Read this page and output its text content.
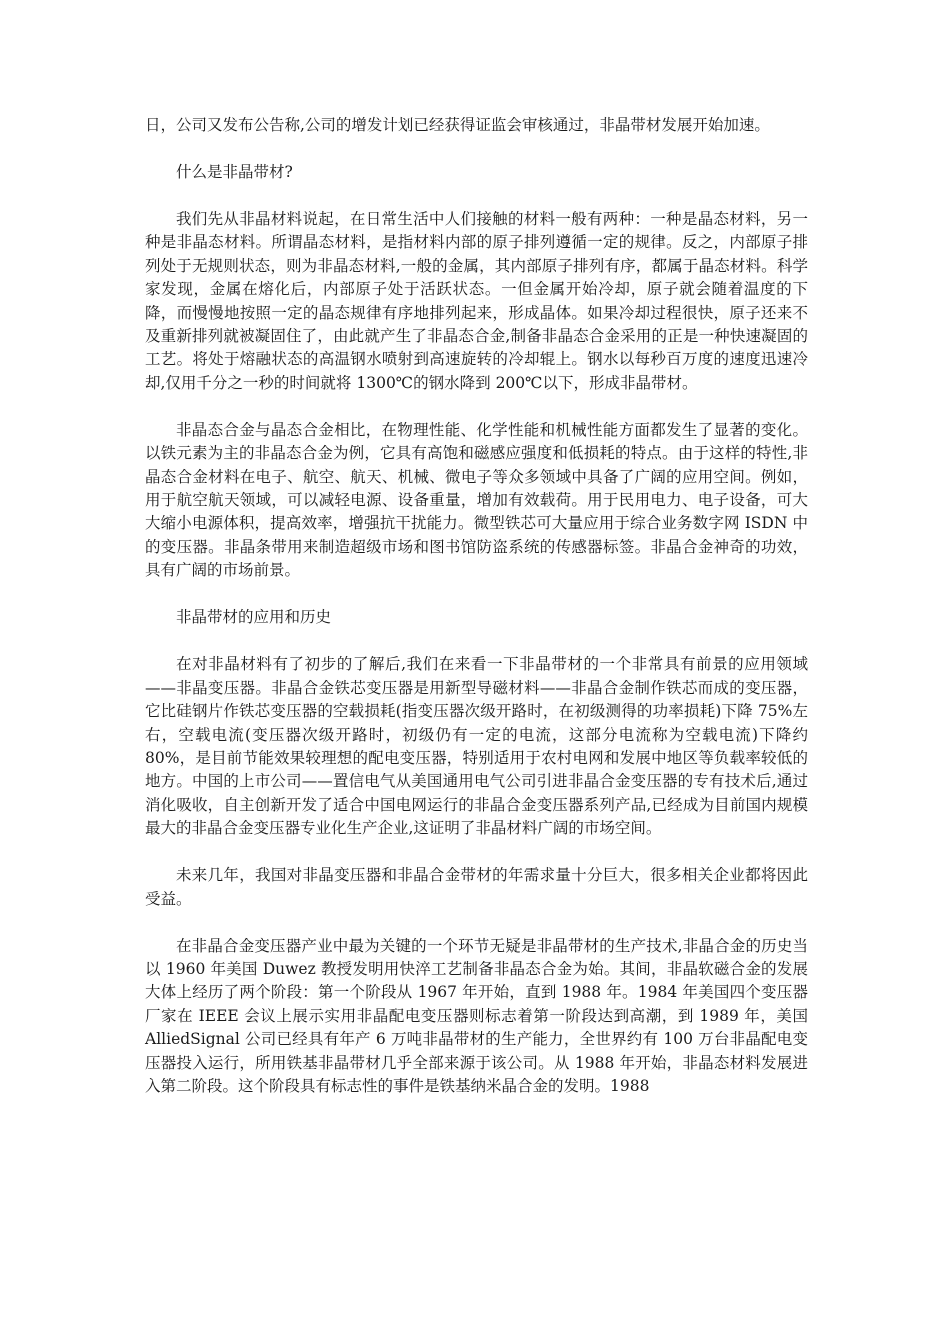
日，公司又发布公告称,公司的增发计划已经获得证监会审核通过，非晶带材发展开始加速。

什么是非晶带材?

我们先从非晶材料说起，在日常生活中人们接触的材料一般有两种：一种是晶态材料，另一种是非晶态材料。所谓晶态材料，是指材料内部的原子排列遵循一定的规律。反之，内部原子排列处于无规则状态，则为非晶态材料,一般的金属，其内部原子排列有序，都属于晶态材料。科学家发现，金属在熔化后，内部原子处于活跃状态。一但金属开始冷却，原子就会随着温度的下降，而慢慢地按照一定的晶态规律有序地排列起来，形成晶体。如果冷却过程很快，原子还来不及重新排列就被凝固住了，由此就产生了非晶态合金,制备非晶态合金采用的正是一种快速凝固的工艺。将处于熔融状态的高温钢水喷射到高速旋转的冷却辊上。钢水以每秒百万度的速度迅速冷却,仅用千分之一秒的时间就将 1300℃的钢水降到 200℃以下，形成非晶带材。

非晶态合金与晶态合金相比，在物理性能、化学性能和机械性能方面都发生了显著的变化。以铁元素为主的非晶态合金为例，它具有高饱和磁感应强度和低损耗的特点。由于这样的特性,非晶态合金材料在电子、航空、航天、机械、微电子等众多领域中具备了广阔的应用空间。例如，用于航空航天领域，可以减轻电源、设备重量，增加有效载荷。用于民用电力、电子设备，可大大缩小电源体积，提高效率，增强抗干扰能力。微型铁芯可大量应用于综合业务数字网 ISDN 中的变压器。非晶条带用来制造超级市场和图书馆防盗系统的传感器标签。非晶合金神奇的功效，具有广阔的市场前景。

非晶带材的应用和历史

在对非晶材料有了初步的了解后,我们在来看一下非晶带材的一个非常具有前景的应用领域——非晶变压器。非晶合金铁芯变压器是用新型导磁材料——非晶合金制作铁芯而成的变压器，它比硅钢片作铁芯变压器的空载损耗(指变压器次级开路时，在初级测得的功率损耗)下降 75%左右，空载电流(变压器次级开路时，初级仍有一定的电流，这部分电流称为空载电流)下降约 80%，是目前节能效果较理想的配电变压器，特别适用于农村电网和发展中地区等负载率较低的地方。中国的上市公司——置信电气从美国通用电气公司引进非晶合金变压器的专有技术后,通过消化吸收，自主创新开发了适合中国电网运行的非晶合金变压器系列产品,已经成为目前国内规模最大的非晶合金变压器专业化生产企业,这证明了非晶材料广阔的市场空间。

未来几年，我国对非晶变压器和非晶合金带材的年需求量十分巨大，很多相关企业都将因此受益。

在非晶合金变压器产业中最为关键的一个环节无疑是非晶带材的生产技术,非晶合金的历史当以 1960 年美国 Duwez 教授发明用快淬工艺制备非晶态合金为始。其间，非晶软磁合金的发展大体上经历了两个阶段：第一个阶段从 1967 年开始，直到 1988 年。1984 年美国四个变压器厂家在 IEEE 会议上展示实用非晶配电变压器则标志着第一阶段达到高潮，到 1989 年，美国 AlliedSignal 公司已经具有年产 6 万吨非晶带材的生产能力，全世界约有 100 万台非晶配电变压器投入运行，所用铁基非晶带材几乎全部来源于该公司。从 1988 年开始，非晶态材料发展进入第二阶段。这个阶段具有标志性的事件是铁基纳米晶合金的发明。1988
